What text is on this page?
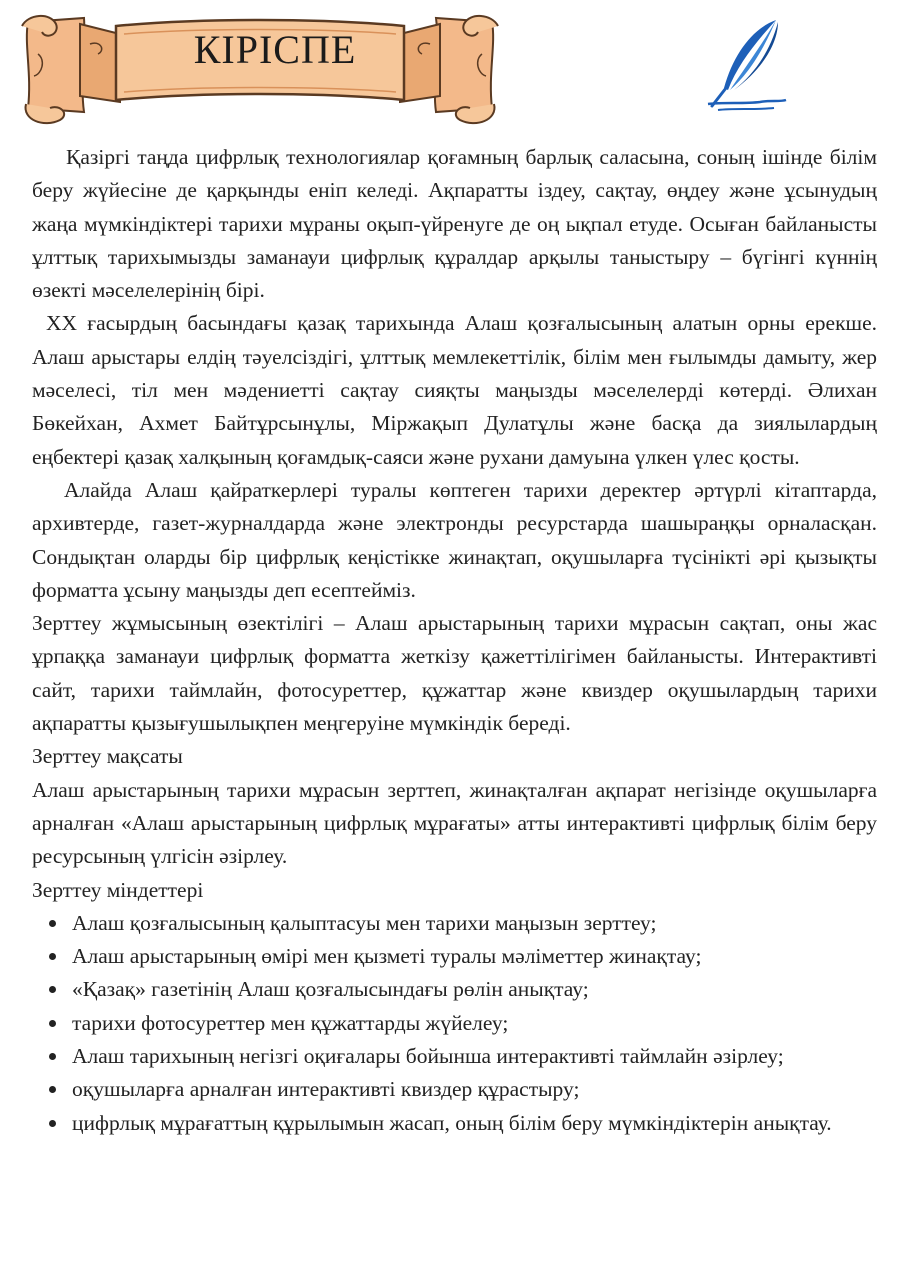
КІРІСПЕ

Қазіргі таңда цифрлық технологиялар қоғамның барлық саласына, соның ішінде білім беру жүйесіне де қарқынды еніп келеді. Ақпаратты іздеу, сақтау, өңдеу және ұсынудың жаңа мүмкіндіктері тарихи мұраны оқып-үйренуге де оң ықпал етуде. Осыған байланысты ұлттық тарихымызды заманауи цифрлық құралдар арқылы таныстыру – бүгінгі күннің өзекті мәселелерінің бірі.

XX ғасырдың басындағы қазақ тарихында Алаш қозғалысының алатын орны ерекше. Алаш арыстары елдің тәуелсіздігі, ұлттық мемлекеттілік, білім мен ғылымды дамыту, жер мәселесі, тіл мен мәдениетті сақтау сияқты маңызды мәселелерді көтерді. Әлихан Бөкейхан, Ахмет Байтұрсынұлы, Міржақып Дулатұлы және басқа да зиялылардың еңбектері қазақ халқының қоғамдық-саяси және рухани дамуына үлкен үлес қосты.

Алайда Алаш қайраткерлері туралы көптеген тарихи деректер әртүрлі кітаптарда, архивтерде, газет-журналдарда және электронды ресурстарда шашыраңқы орналасқан. Сондықтан оларды бір цифрлық кеңістікке жинақтап, оқушыларға түсінікті әрі қызықты форматта ұсыну маңызды деп есептейміз.

Зерттеу жұмысының өзектілігі – Алаш арыстарының тарихи мұрасын сақтап, оны жас ұрпаққа заманауи цифрлық форматта жеткізу қажеттілігімен байланысты. Интерактивті сайт, тарихи таймлайн, фотосуреттер, құжаттар және квиздер оқушылардың тарихи ақпаратты қызығушылықпен меңгеруіне мүмкіндік береді.

Зерттеу мақсаты

Алаш арыстарының тарихи мұрасын зерттеп, жинақталған ақпарат негізінде оқушыларға арналған «Алаш арыстарының цифрлық мұрағаты» атты интерактивті цифрлық білім беру ресурсының үлгісін әзірлеу.

Зерттеу міндеттері

Алаш қозғалысының қалыптасуы мен тарихи маңызын зерттеу;
Алаш арыстарының өмірі мен қызметі туралы мәліметтер жинақтау;
«Қазақ» газетінің Алаш қозғалысындағы рөлін анықтау;
тарихи фотосуреттер мен құжаттарды жүйелеу;
Алаш тарихының негізгі оқиғалары бойынша интерактивті таймлайн әзірлеу;
оқушыларға арналған интерактивті квиздер құрастыру;
цифрлық мұрағаттың құрылымын жасап, оның білім беру мүмкіндіктерін анықтау.
